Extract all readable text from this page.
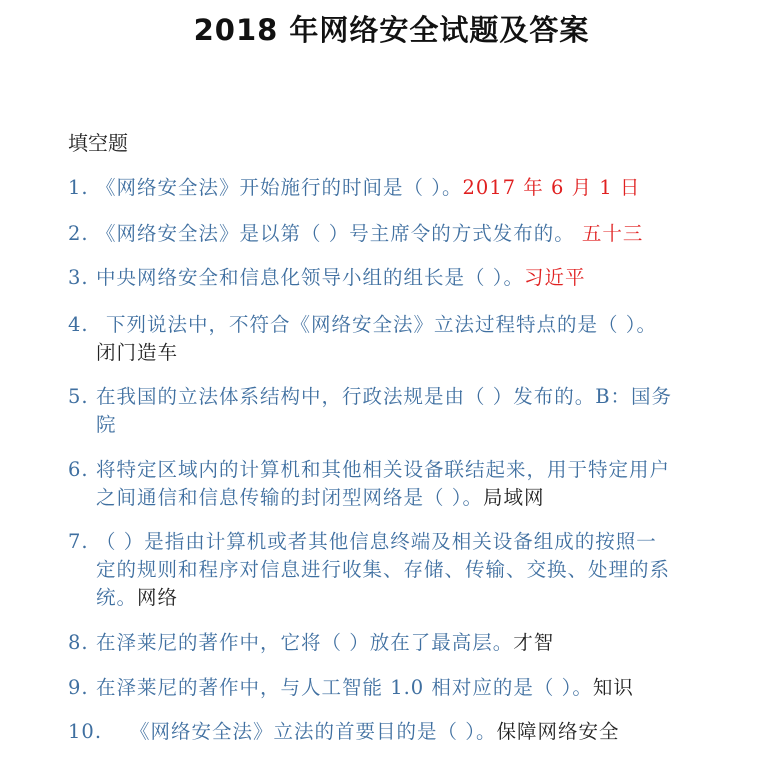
2018 年网络安全试题及答案
填空题
1. 《网络安全法》开始施行的时间是（ ）。2017 年 6 月 1 日
2. 《网络安全法》是以第（ ）号主席令的方式发布的。 五十三
3. 中央网络安全和信息化领导小组的组长是（ ）。习近平
4. 下列说法中，不符合《网络安全法》立法过程特点的是（ ）。
闭门造车
5. 在我国的立法体系结构中，行政法规是由（ ）发布的。B：国务
院
6. 将特定区域内的计算机和其他相关设备联结起来，用于特定用户
之间通信和信息传输的封闭型网络是（ ）。局域网
7. （ ）是指由计算机或者其他信息终端及相关设备组成的按照一
定的规则和程序对信息进行收集、存储、传输、交换、处理的系
统。网络
8. 在泽莱尼的著作中，它将（ ）放在了最高层。才智
9. 在泽莱尼的著作中，与人工智能 1.0 相对应的是（ ）。知识
10. 《网络安全法》立法的首要目的是（ ）。保障网络安全
